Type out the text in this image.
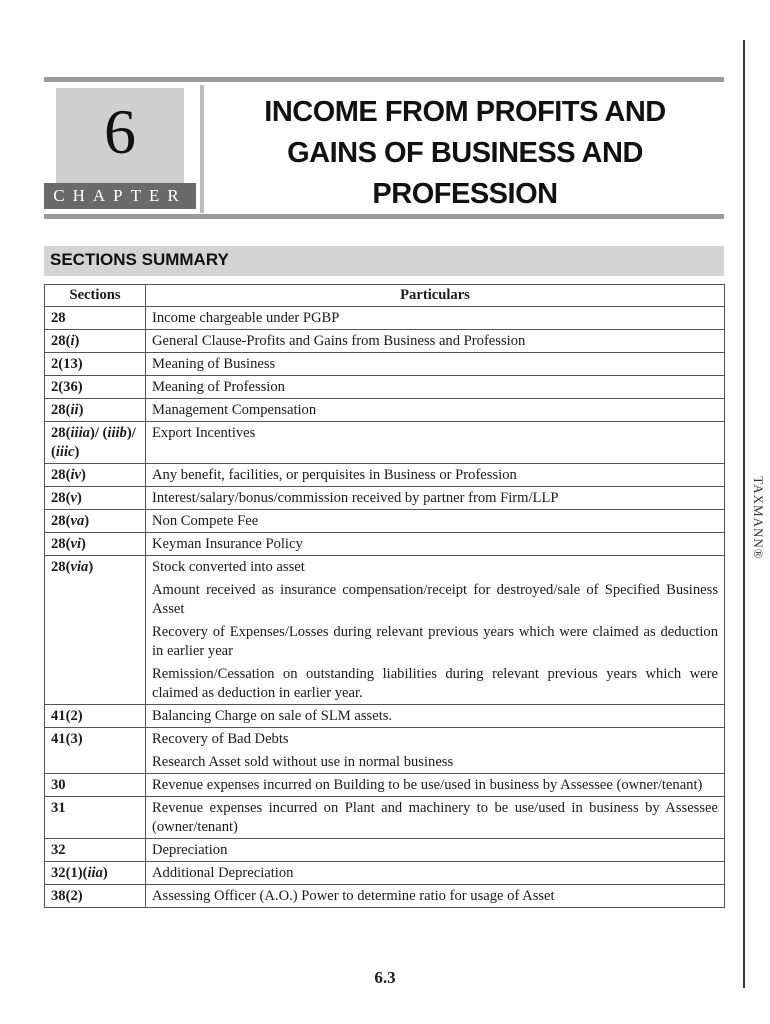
6
CHAPTER
INCOME FROM PROFITS AND
GAINS OF BUSINESS AND
PROFESSION
SECTIONS SUMMARY
Sections	Particulars
28	Income chargeable under PGBP

28(i)	General Clause-Profits and Gains from Business and Profession

2(13)	Meaning of Business

2(36)	Meaning of Profession

28(ii)	Management Compensation

28(iiia)/ (iiib)/ (iiic)	Export Incentives

28(iv)	Any benefit, facilities, or perquisites in Business or Profession

28(v)	Interest/salary/bonus/commission received by partner from Firm/LLP

28(va)	Non Compete Fee

28(vi)	Keyman Insurance Policy

28(via)	Stock converted into asset
Amount received as insurance compensation/receipt for destroyed/sale of Specified Business Asset
Recovery of Expenses/Losses during relevant previous years which were claimed as deduction in earlier year
Remission/Cessation on outstanding liabilities during relevant previous years which were claimed as deduction in earlier year.

41(2)	Balancing Charge on sale of SLM assets.

41(3)	Recovery of Bad Debts
Research Asset sold without use in normal business

30	Revenue expenses incurred on Building to be use/used in business by Assessee (owner/tenant)

31	Revenue expenses incurred on Plant and machinery to be use/used in business by Assessee (owner/tenant)

32	Depreciation

32(1)(iia)	Additional Depreciation

38(2)	Assessing Officer (A.O.) Power to determine ratio for usage of Asset
TAXMANN®
6.3
